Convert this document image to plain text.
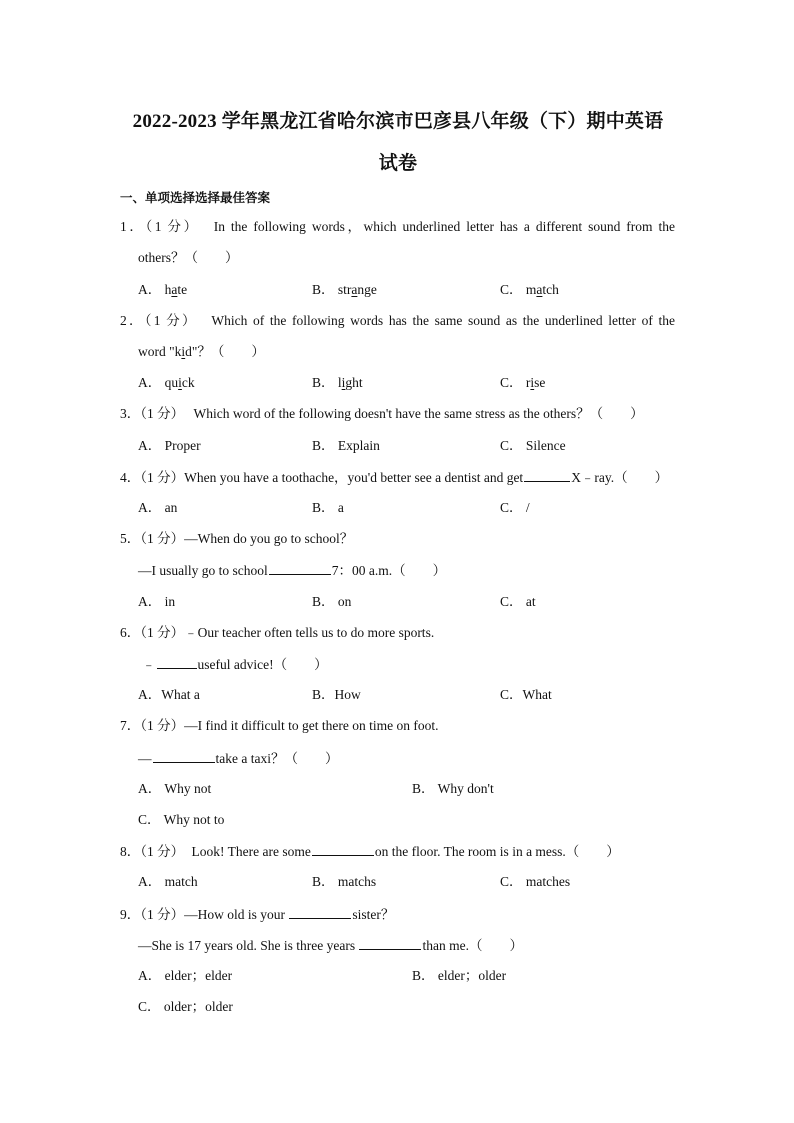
2022-2023 学年黑龙江省哈尔滨市巴彦县八年级（下）期中英语
试卷
一、单项选择选择最佳答案
1．（1 分） In the following words，which underlined letter has a different sound from the
others？（　　）
A． hate	B． strange	C． match
2．（1 分） Which of the following words has the same sound as the underlined letter of the
word "kid"？（　　）
A． quick	B． light	C． rise
3．（1 分） Which word of the following doesn't have the same stress as the others？（　　）
A． Proper	B． Explain	C． Silence
4．（1 分）When you have a toothache，you'd better see a dentist and get	X﹣ray.（　　）
A． an	B． a	C． /
5．（1 分）—When do you go to school？
—I usually go to school	7：00 a.m.（　　）
A． in	B． on	C． at
6．（1 分）﹣Our teacher often tells us to do more sports.
﹣	useful advice!（　　）
A．What a	B．How	C．What
7．（1 分）—I find it difficult to get there on time on foot.
—	take a taxi？（　　）
A． Why not	B． Why don't
C． Why not to
8．（1 分） Look! There are some	on the floor. The room is in a mess.（　　）
A． match	B． matchs	C． matches
9．（1 分）—How old is your	sister？
—She is 17 years old. She is three years	than me.（　　）
A． elder；elder	B． elder；older
C． older；older
